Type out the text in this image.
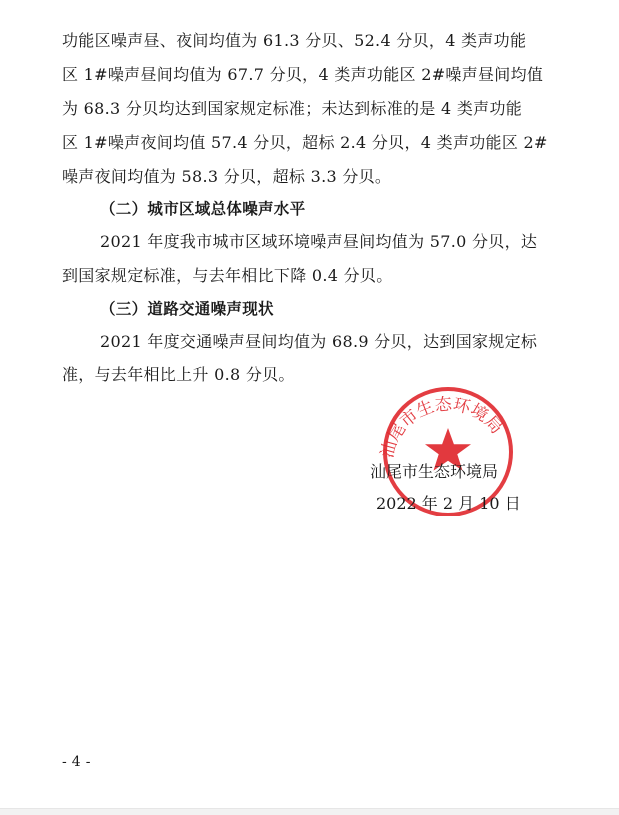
功能区噪声昼、夜间均值为 61.3 分贝、52.4 分贝，4 类声功能
区 1#噪声昼间均值为 67.7 分贝，4 类声功能区 2#噪声昼间均值
为 68.3 分贝均达到国家规定标准；未达到标准的是 4 类声功能
区 1#噪声夜间均值 57.4 分贝，超标 2.4 分贝，4 类声功能区 2#
噪声夜间均值为 58.3 分贝，超标 3.3 分贝。
（二）城市区域总体噪声水平
2021 年度我市城市区域环境噪声昼间均值为 57.0 分贝，达
到国家规定标准，与去年相比下降 0.4 分贝。
（三）道路交通噪声现状
2021 年度交通噪声昼间均值为 68.9 分贝，达到国家规定标
准，与去年相比上升 0.8 分贝。
汕尾市生态环境局
汕尾市生态环境局
2022 年 2 月 10 日
- 4 -
